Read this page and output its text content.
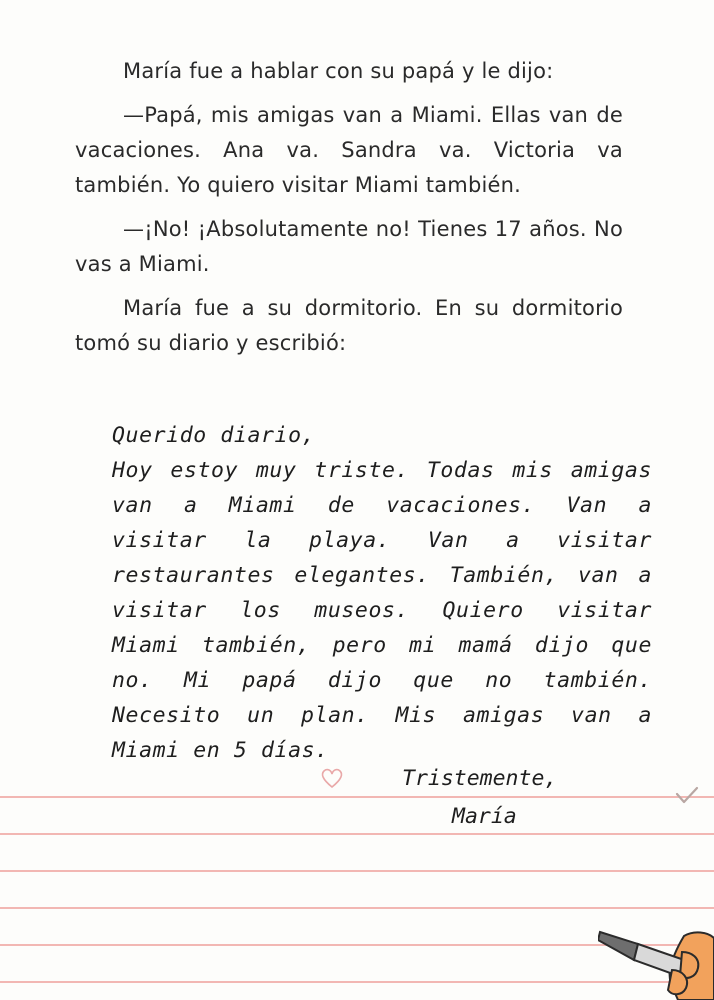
María fue a hablar con su papá y le dijo:

—Papá, mis amigas van a Miami. Ellas van de vacaciones. Ana va. Sandra va. Victoria va también. Yo quiero visitar Miami también.

—¡No! ¡Absolutamente no! Tienes 17 años. No vas a Miami.

María fue a su dormitorio. En su dormitorio tomó su diario y escribió:

Querido diario,

Hoy estoy muy triste. Todas mis amigas van a Miami de vacaciones. Van a visitar la playa. Van a visitar restaurantes elegantes. También, van a visitar los museos. Quiero visitar Miami también, pero mi mamá dijo que no. Mi papá dijo que no también. Necesito un plan. Mis amigas van a Miami en 5 días.

Tristemente,
María
